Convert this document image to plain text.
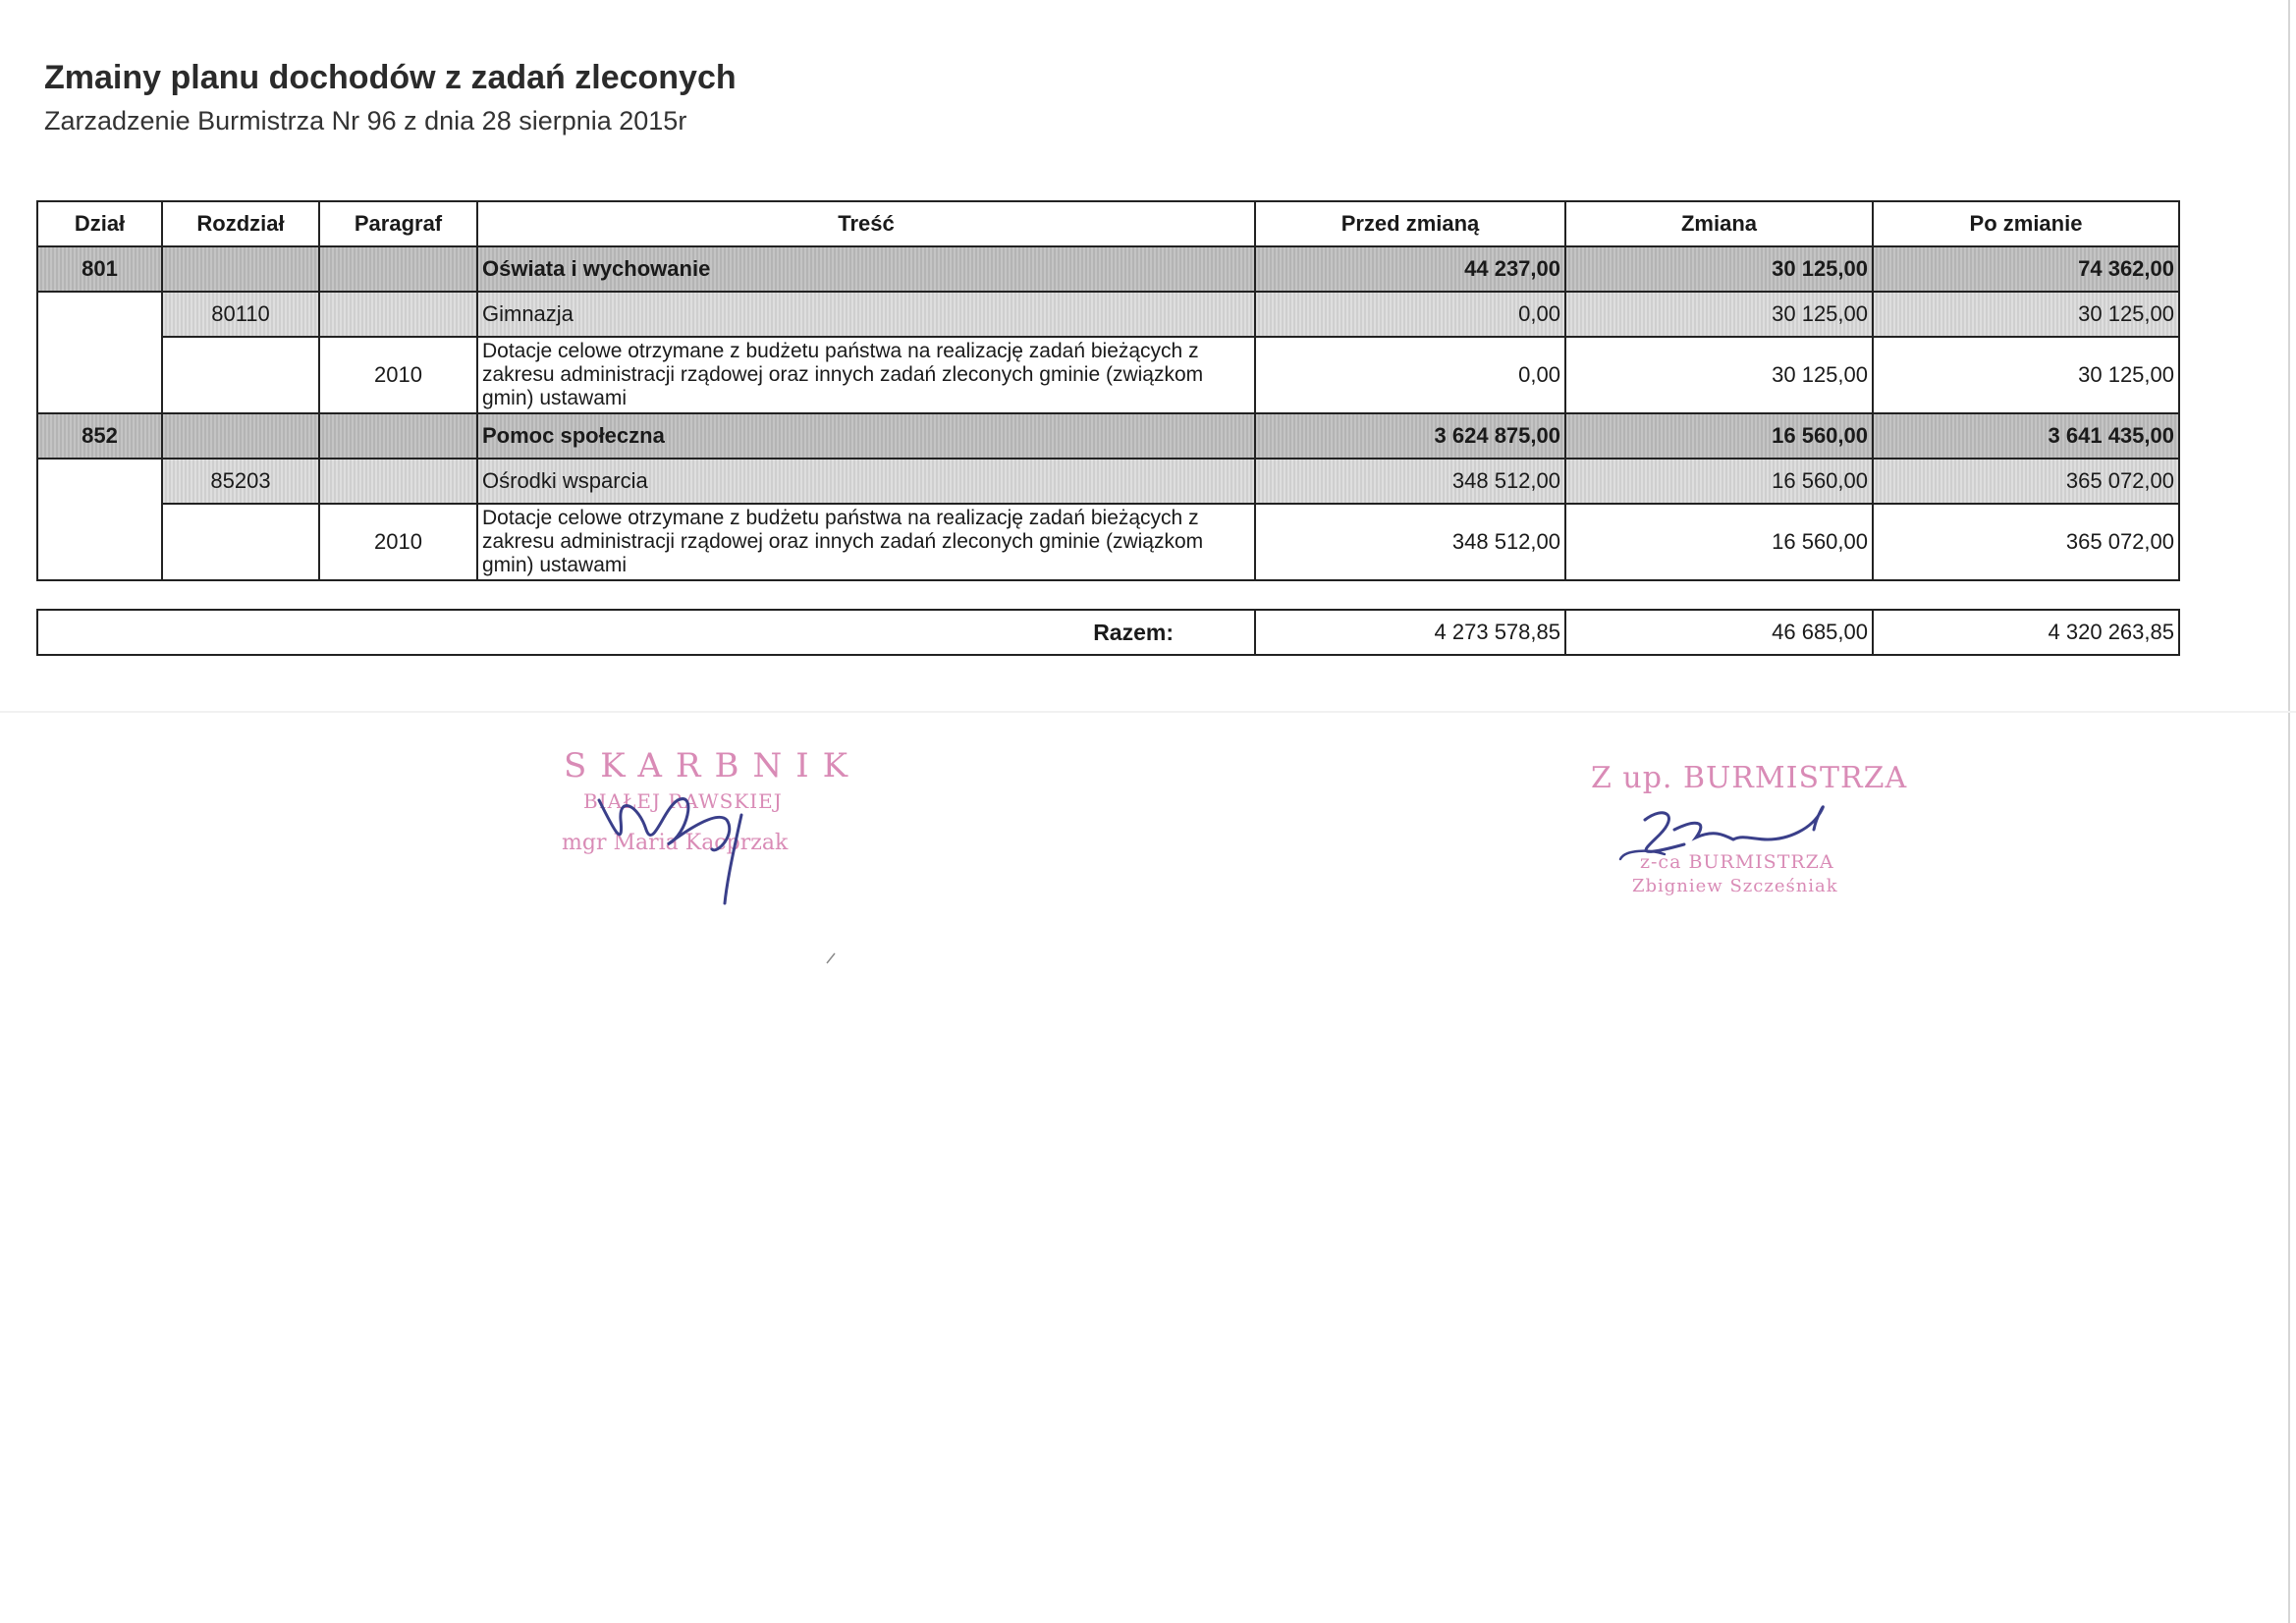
Zmainy planu dochodów z zadań zleconych
Zarzadzenie Burmistrza Nr 96 z dnia 28 sierpnia 2015r
Dział	Rozdział	Paragraf	Treść	Przed zmianą	Zmiana	Po zmianie
801			Oświata i wychowanie	44 237,00	30 125,00	74 362,00
	80110		Gimnazja	0,00	30 125,00	30 125,00
		2010	Dotacje celowe otrzymane z budżetu państwa na realizację zadań bieżących z zakresu administracji rządowej oraz innych zadań zleconych gminie (związkom gmin) ustawami	0,00	30 125,00	30 125,00
852			Pomoc społeczna	3 624 875,00	16 560,00	3 641 435,00
	85203		Ośrodki wsparcia	348 512,00	16 560,00	365 072,00
		2010	Dotacje celowe otrzymane z budżetu państwa na realizację zadań bieżących z zakresu administracji rządowej oraz innych zadań zleconych gminie (związkom gmin) ustawami	348 512,00	16 560,00	365 072,00
Razem:	4 273 578,85	46 685,00	4 320 263,85
SKARBNIK
BIAŁEJ RAWSKIEJ
mgr Maria Kacprzak
Z up. BURMISTRZA
z-ca BURMISTRZA
Zbigniew Szcześniak
